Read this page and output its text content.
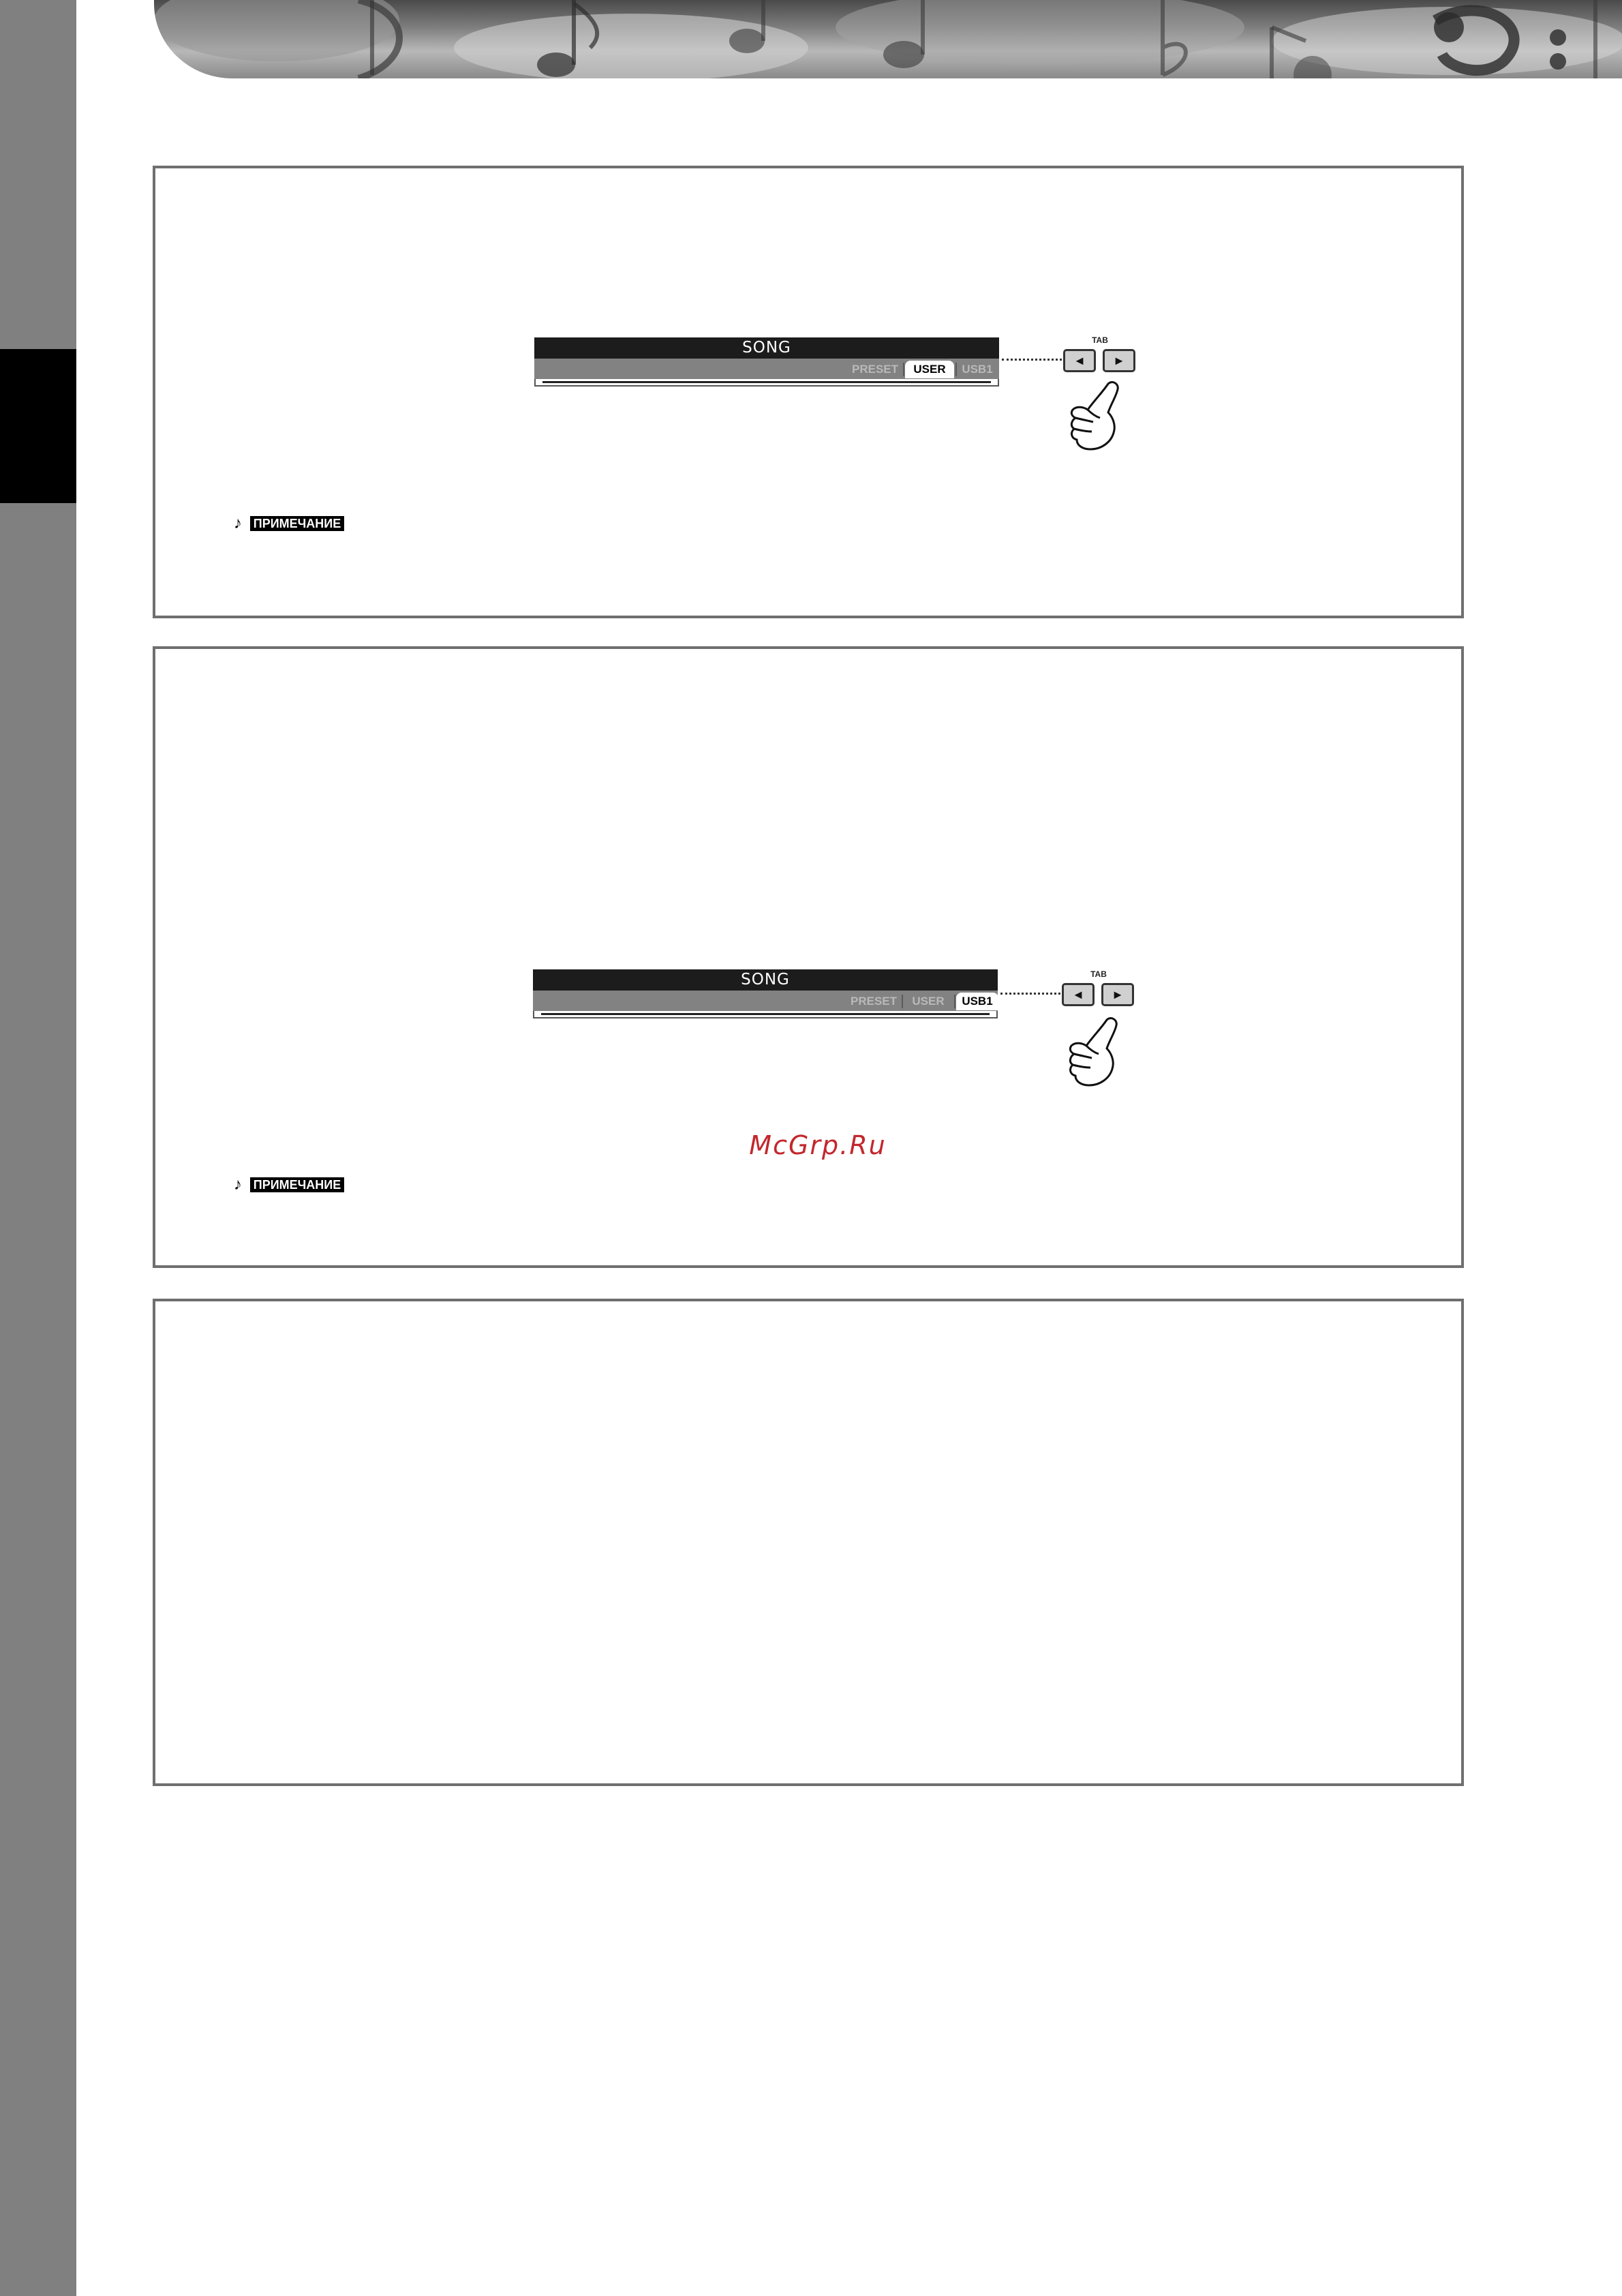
SONG
PRESET	USER	USB1
TAB
◄	►
♪ ПРИМЕЧАНИЕ
SONG
PRESET	USER	USB1
TAB
◄	►
♪ ПРИМЕЧАНИЕ
McGrp.Ru
